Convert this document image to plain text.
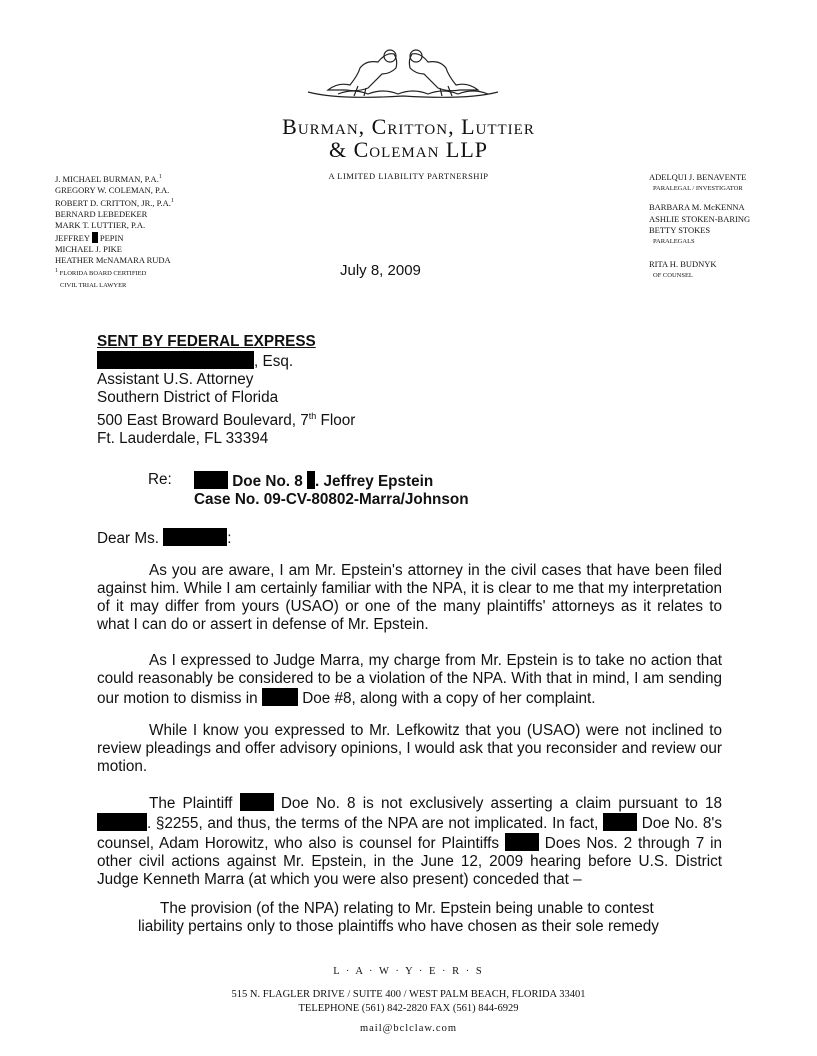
Burman, Critton, Luttier
& Coleman LLP
A LIMITED LIABILITY PARTNERSHIP
J. MICHAEL BURMAN, P.A.$^1$
GREGORY W. COLEMAN, P.A.
ROBERT D. CRITTON, JR., P.A.$^1$
BERNARD LEBEDEKER
MARK T. LUTTIER, P.A.
JEFFREY PEPIN
MICHAEL J. PIKE
HEATHER McNAMARA RUDA
$^1$ FLORIDA BOARD CERTIFIED
CIVIL TRIAL LAWYER
ADELQUI J. BENAVENTE
PARALEGAL / INVESTIGATOR
BARBARA M. McKENNA
ASHLIE STOKEN-BARING
BETTY STOKES
PARALEGALS
RITA H. BUDNYK
OF COUNSEL
July 8, 2009
SENT BY FEDERAL EXPRESS
, Esq.
Assistant U.S. Attorney
Southern District of Florida
500 East Broward Boulevard, 7th Floor
Ft. Lauderdale, FL 33394
Re:	Doe No. 8 . Jeffrey Epstein
Case No. 09-CV-80802-Marra/Johnson
Dear Ms.	:
As you are aware, I am Mr. Epstein's attorney in the civil cases that have been filed against him. While I am certainly familiar with the NPA, it is clear to me that my interpretation of it may differ from yours (USAO) or one of the many plaintiffs' attorneys as it relates to what I can do or assert in defense of Mr. Epstein.
As I expressed to Judge Marra, my charge from Mr. Epstein is to take no action that could reasonably be considered to be a violation of the NPA. With that in mind, I am sending our motion to dismiss in	Doe #8, along with a copy of her complaint.
While I know you expressed to Mr. Lefkowitz that you (USAO) were not inclined to review pleadings and offer advisory opinions, I would ask that you reconsider and review our motion.
The Plaintiff	Doe No. 8 is not exclusively asserting a claim pursuant to 18 . §2255, and thus, the terms of the NPA are not implicated. In fact,	Doe No. 8's counsel, Adam Horowitz, who also is counsel for Plaintiffs	Does Nos. 2 through 7 in other civil actions against Mr. Epstein, in the June 12, 2009 hearing before U.S. District Judge Kenneth Marra (at which you were also present) conceded that –
The provision (of the NPA) relating to Mr. Epstein being unable to contest liability pertains only to those plaintiffs who have chosen as their sole remedy
L · A · W · Y · E · R · S
515 N. FLAGLER DRIVE / SUITE 400 / WEST PALM BEACH, FLORIDA 33401
TELEPHONE (561) 842-2820 FAX (561) 844-6929
mail@bclclaw.com
